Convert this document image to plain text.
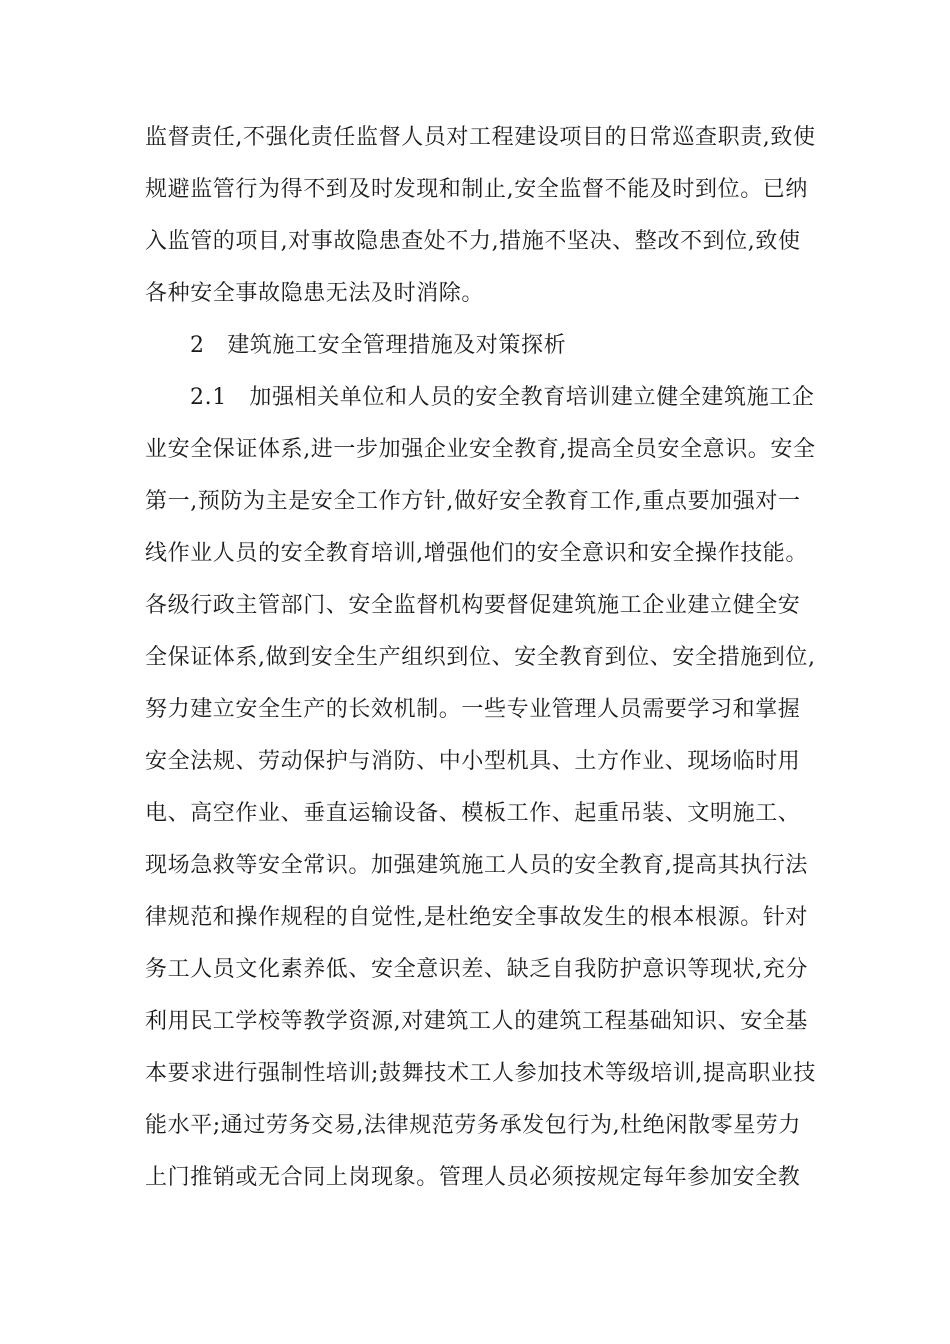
监督责任,不强化责任监督人员对工程建设项目的日常巡查职责,致使
规避监管行为得不到及时发现和制止,安全监督不能及时到位。已纳
入监管的项目,对事故隐患查处不力,措施不坚决、整改不到位,致使
各种安全事故隐患无法及时消除。
2　建筑施工安全管理措施及对策探析
2.1　加强相关单位和人员的安全教育培训建立健全建筑施工企
业安全保证体系,进一步加强企业安全教育,提高全员安全意识。安全
第一,预防为主是安全工作方针,做好安全教育工作,重点要加强对一
线作业人员的安全教育培训,增强他们的安全意识和安全操作技能。
各级行政主管部门、安全监督机构要督促建筑施工企业建立健全安
全保证体系,做到安全生产组织到位、安全教育到位、安全措施到位,
努力建立安全生产的长效机制。一些专业管理人员需要学习和掌握
安全法规、劳动保护与消防、中小型机具、土方作业、现场临时用
电、高空作业、垂直运输设备、模板工作、起重吊装、文明施工、
现场急救等安全常识。加强建筑施工人员的安全教育,提高其执行法
律规范和操作规程的自觉性,是杜绝安全事故发生的根本根源。针对
务工人员文化素养低、安全意识差、缺乏自我防护意识等现状,充分
利用民工学校等教学资源,对建筑工人的建筑工程基础知识、安全基
本要求进行强制性培训;鼓舞技术工人参加技术等级培训,提高职业技
能水平;通过劳务交易,法律规范劳务承发包行为,杜绝闲散零星劳力
上门推销或无合同上岗现象。管理人员必须按规定每年参加安全教
